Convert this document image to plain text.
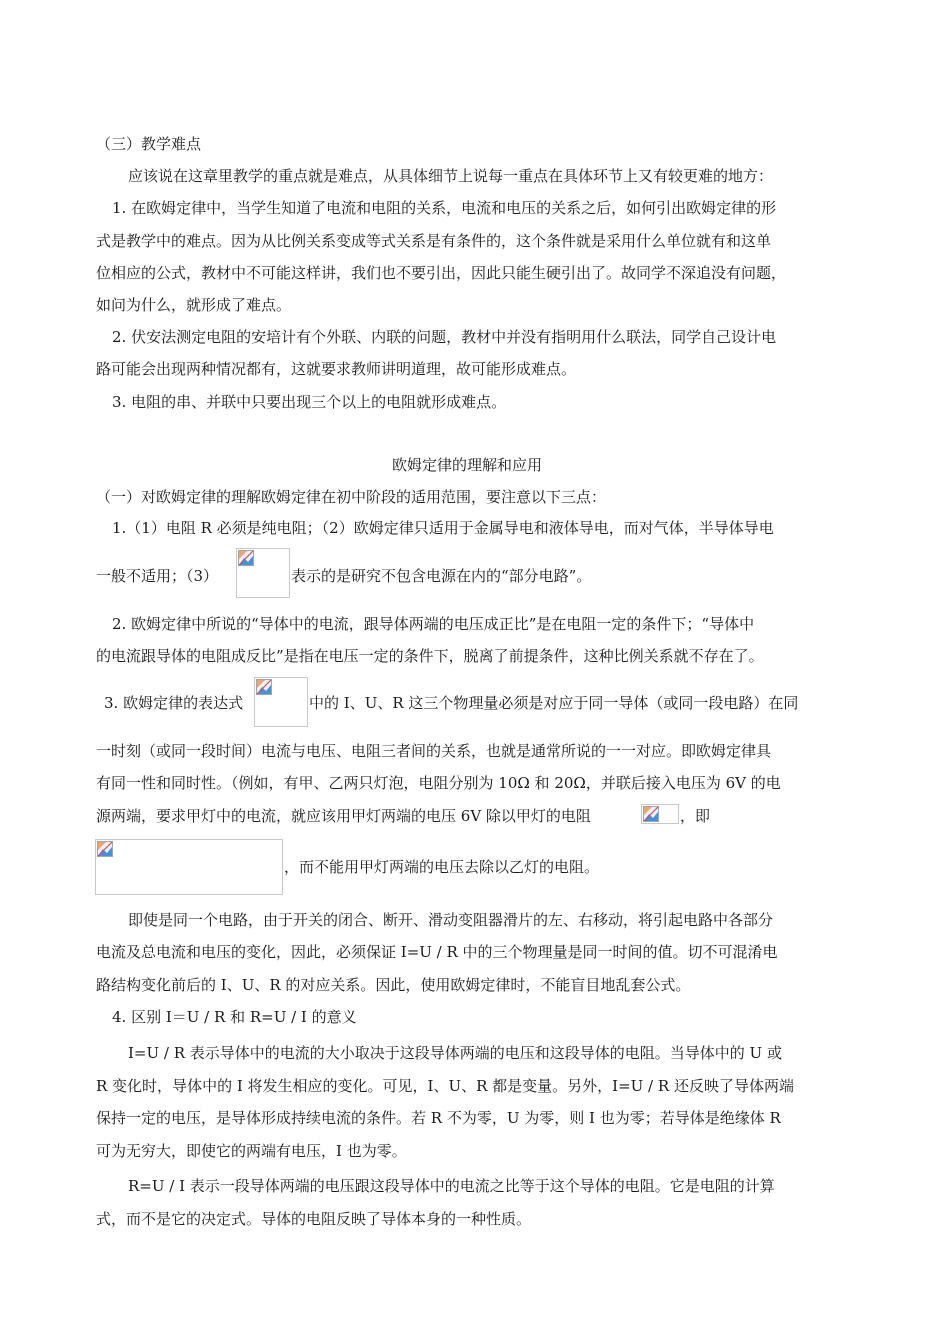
（三）教学难点
应该说在这章里教学的重点就是难点，从具体细节上说每一重点在具体环节上又有较更难的地方：
1. 在欧姆定律中，当学生知道了电流和电阻的关系，电流和电压的关系之后，如何引出欧姆定律的形
式是教学中的难点。因为从比例关系变成等式关系是有条件的，这个条件就是采用什么单位就有和这单
位相应的公式，教材中不可能这样讲，我们也不要引出，因此只能生硬引出了。故同学不深追没有问题，
如问为什么，就形成了难点。
2. 伏安法测定电阻的安培计有个外联、内联的问题，教材中并没有指明用什么联法，同学自己设计电
路可能会出现两种情况都有，这就要求教师讲明道理，故可能形成难点。
3. 电阻的串、并联中只要出现三个以上的电阻就形成难点。
欧姆定律的理解和应用
（一）对欧姆定律的理解欧姆定律在初中阶段的适用范围，要注意以下三点：
1.（1）电阻 R 必须是纯电阻；（2）欧姆定律只适用于金属导电和液体导电，而对气体，半导体导电
一般不适用；（3）	表示的是研究不包含电源在内的“部分电路”。
2. 欧姆定律中所说的“导体中的电流，跟导体两端的电压成正比”是在电阻一定的条件下；“导体中
的电流跟导体的电阻成反比”是指在电压一定的条件下，脱离了前提条件，这种比例关系就不存在了。
3. 欧姆定律的表达式	中的 I、U、R 这三个物理量必须是对应于同一导体（或同一段电路）在同
一时刻（或同一段时间）电流与电压、电阻三者间的关系，也就是通常所说的一一对应。即欧姆定律具
有同一性和同时性。（例如，有甲、乙两只灯泡，电阻分别为 10Ω 和 20Ω，并联后接入电压为 6V 的电
源两端，要求甲灯中的电流，就应该用甲灯两端的电压 6V 除以甲灯的电阻	，即
，而不能用甲灯两端的电压去除以乙灯的电阻。
即使是同一个电路，由于开关的闭合、断开、滑动变阻器滑片的左、右移动，将引起电路中各部分
电流及总电流和电压的变化，因此，必须保证 I=U / R 中的三个物理量是同一时间的值。切不可混淆电
路结构变化前后的 I、U、R 的对应关系。因此，使用欧姆定律时，不能盲目地乱套公式。
4. 区别 I＝U / R 和 R=U / I 的意义
I=U / R 表示导体中的电流的大小取决于这段导体两端的电压和这段导体的电阻。当导体中的 U 或
R 变化时，导体中的 I 将发生相应的变化。可见，I、U、R 都是变量。另外，I=U / R 还反映了导体两端
保持一定的电压，是导体形成持续电流的条件。若 R 不为零，U 为零，则 I 也为零；若导体是绝缘体 R
可为无穷大，即使它的两端有电压，I 也为零。
R=U / I 表示一段导体两端的电压跟这段导体中的电流之比等于这个导体的电阻。它是电阻的计算
式，而不是它的决定式。导体的电阻反映了导体本身的一种性质。
